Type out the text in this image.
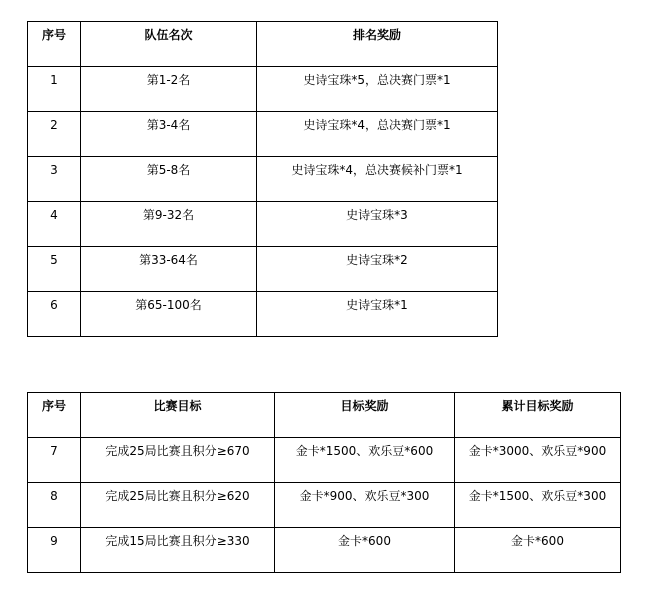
序号	队伍名次	排名奖励

1	第1-2名	史诗宝珠*5，总决赛门票*1

2	第3-4名	史诗宝珠*4，总决赛门票*1

3	第5-8名	史诗宝珠*4，总决赛候补门票*1

4	第9-32名	史诗宝珠*3

5	第33-64名	史诗宝珠*2

6	第65-100名	史诗宝珠*1
序号	比赛目标	目标奖励	累计目标奖励

7	完成25局比赛且积分≥670	金卡*1500、欢乐豆*600	金卡*3000、欢乐豆*900

8	完成25局比赛且积分≥620	金卡*900、欢乐豆*300	金卡*1500、欢乐豆*300

9	完成15局比赛且积分≥330	金卡*600	金卡*600
